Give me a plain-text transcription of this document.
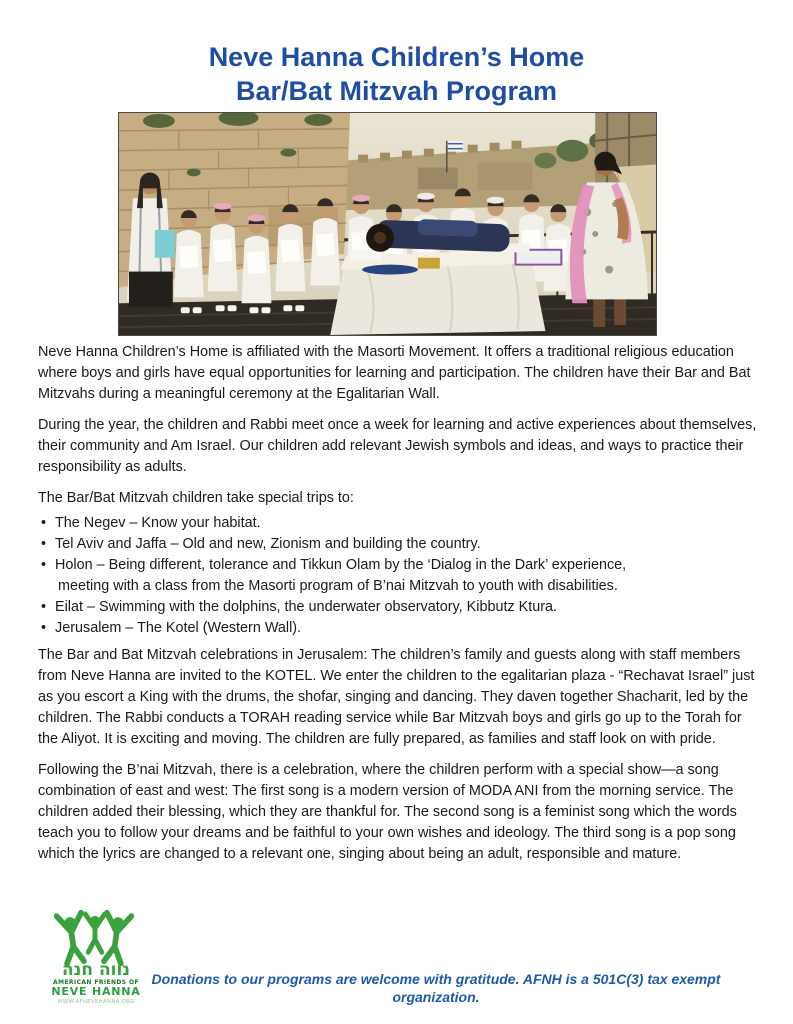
Neve Hanna Children’s Home
Bar/Bat Mitzvah Program

Neve Hanna Children’s Home is affiliated with the Masorti Movement. It offers a traditional religious education where boys and girls have equal opportunities for learning and participation. The children have their Bar and Bat Mitzvahs during a meaningful ceremony at the Egalitarian Wall.

During the year, the children and Rabbi meet once a week for learning and active experiences about themselves, their community and Am Israel. Our children add relevant Jewish symbols and ideas, and ways to practice their responsibility as adults.

The Bar/Bat Mitzvah children take special trips to:

• The Negev – Know your habitat.
• Tel Aviv and Jaffa – Old and new, Zionism and building the country.
• Holon – Being different, tolerance and Tikkun Olam by the ‘Dialog in the Dark’ experience,
meeting with a class from the Masorti program of B’nai Mitzvah to youth with disabilities.
• Eilat – Swimming with the dolphins, the underwater observatory, Kibbutz Ktura.
• Jerusalem – The Kotel (Western Wall).

The Bar and Bat Mitzvah celebrations in Jerusalem: The children’s family and guests along with staff members from Neve Hanna are invited to the KOTEL. We enter the children to the egalitarian plaza - “Rechavat Israel” just as you escort a King with the drums, the shofar, singing and dancing. They daven together Shacharit, led by the children. The Rabbi conducts a TORAH reading service while Bar Mitzvah boys and girls go up to the Torah for the Aliyot. It is exciting and moving. The children are fully prepared, as families and staff look on with pride.

Following the B’nai Mitzvah, there is a celebration, where the children perform with a special show—a song combination of east and west: The first song is a modern version of MODA ANI from the morning service. The children added their blessing, which they are thankful for. The second song is a feminist song which the words teach you to follow your dreams and be faithful to your own wishes and ideology. The third song is a pop song which the lyrics are changed to a relevant one, singing about being an adult, responsible and mature.

נווה חנה
AMERICAN FRIENDS OF
NEVE HANNA
WWW.AFNEVEHANNA.ORG

Donations to our programs are welcome with gratitude. AFNH is a 501C(3) tax exempt organization.
